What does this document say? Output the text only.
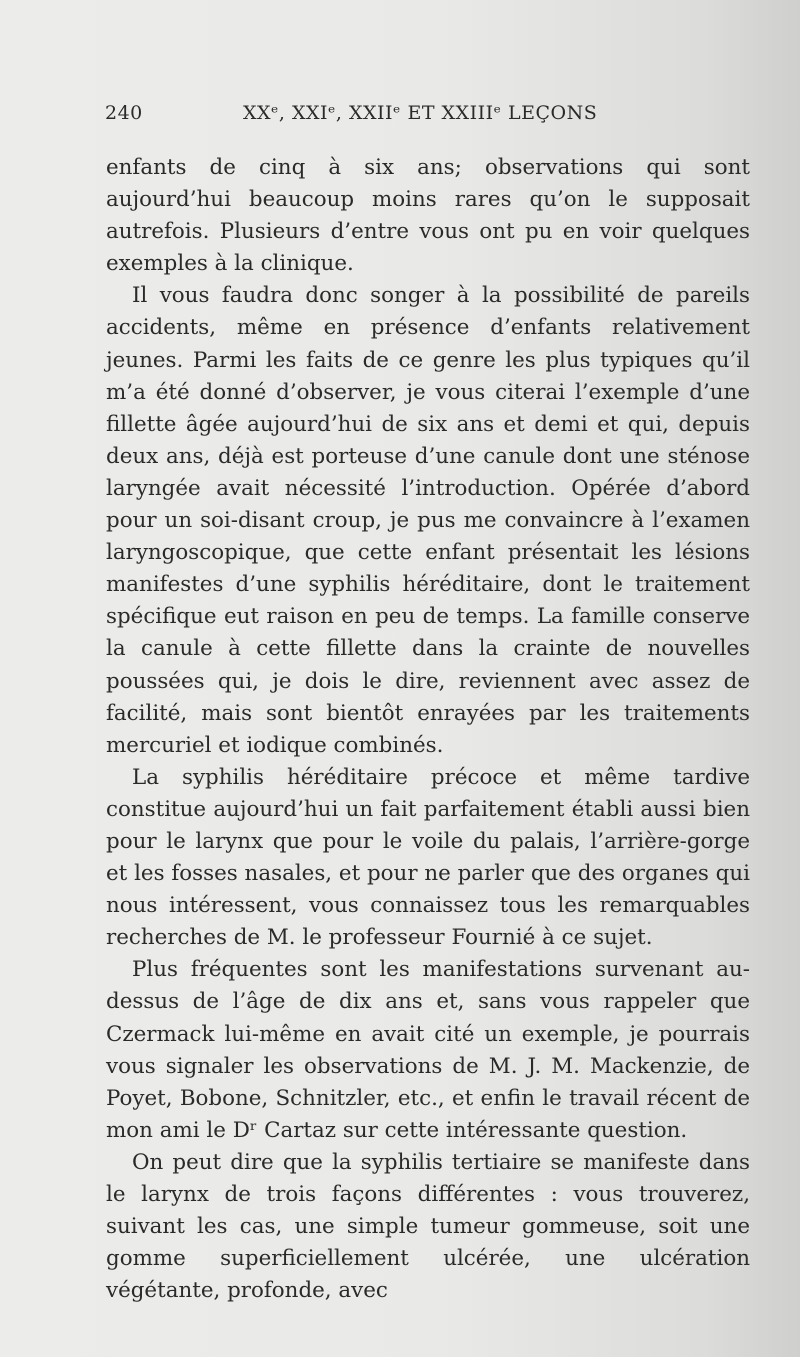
240	XXᵉ, XXIᵉ, XXIIᵉ ET XXIIIᵉ LEÇONS

enfants de cinq à six ans; observations qui sont aujourd’hui beaucoup moins rares qu’on le supposait autrefois. Plusieurs d’entre vous ont pu en voir quelques exemples à la clinique.

Il vous faudra donc songer à la possibilité de pareils accidents, même en présence d’enfants relativement jeunes. Parmi les faits de ce genre les plus typiques qu’il m’a été donné d’observer, je vous citerai l’exemple d’une fillette âgée aujourd’hui de six ans et demi et qui, depuis deux ans, déjà est porteuse d’une canule dont une sténose laryngée avait nécessité l’introduction. Opérée d’abord pour un soi-disant croup, je pus me convaincre à l’examen laryngoscopique, que cette enfant présentait les lésions manifestes d’une syphilis héréditaire, dont le traitement spécifique eut raison en peu de temps. La famille conserve la canule à cette fillette dans la crainte de nouvelles poussées qui, je dois le dire, reviennent avec assez de facilité, mais sont bientôt enrayées par les traitements mercuriel et iodique combinés.

La syphilis héréditaire précoce et même tardive constitue aujourd’hui un fait parfaitement établi aussi bien pour le larynx que pour le voile du palais, l’arrière-gorge et les fosses nasales, et pour ne parler que des organes qui nous intéressent, vous connaissez tous les remarquables recherches de M. le professeur Fournié à ce sujet.

Plus fréquentes sont les manifestations survenant au-dessus de l’âge de dix ans et, sans vous rappeler que Czermack lui-même en avait cité un exemple, je pourrais vous signaler les observations de M. J. M. Mackenzie, de Poyet, Bobone, Schnitzler, etc., et enfin le travail récent de mon ami le Dʳ Cartaz sur cette intéressante question.

On peut dire que la syphilis tertiaire se manifeste dans le larynx de trois façons différentes : vous trouverez, suivant les cas, une simple tumeur gommeuse, soit une gomme superficiellement ulcérée, une ulcération végétante, profonde, avec
